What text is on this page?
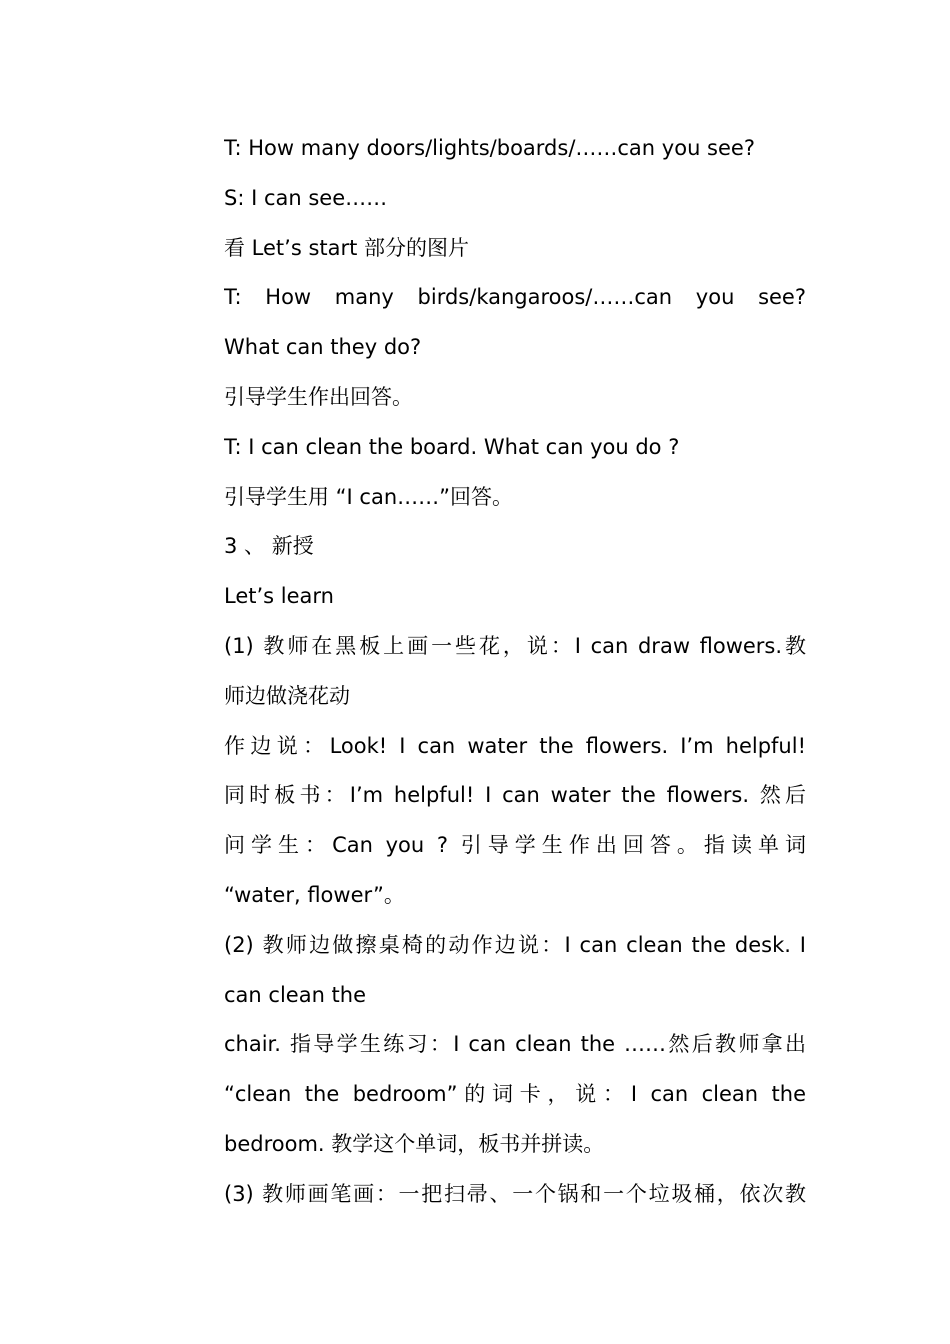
T: How many doors/lights/boards/……can you see?
S: I can see……
看 Let’s start 部分的图片
T: How many birds/kangaroos/……can you see?
What can they do?
引导学生作出回答。
T: I can clean the board. What can you do ?
引导学生用 “I can……”回答。
3 、 新授
Let’s learn
(1) 教师在黑板上画一些花，说：I can draw flowers.教
师边做浇花动
作边说：Look! I can water the flowers. I’m helpful!
同时板书：I’m helpful! I can water the flowers. 然后
问学生：Can you ? 引导学生作出回答。指读单词
“water, flower”。
(2) 教师边做擦桌椅的动作边说：I can clean the desk. I
can clean the
chair. 指导学生练习：I can clean the ……然后教师拿出
“clean the bedroom”的词卡，说：I can clean the
bedroom. 教学这个单词，板书并拼读。
(3) 教师画笔画：一把扫帚、一个锅和一个垃圾桶，依次教
